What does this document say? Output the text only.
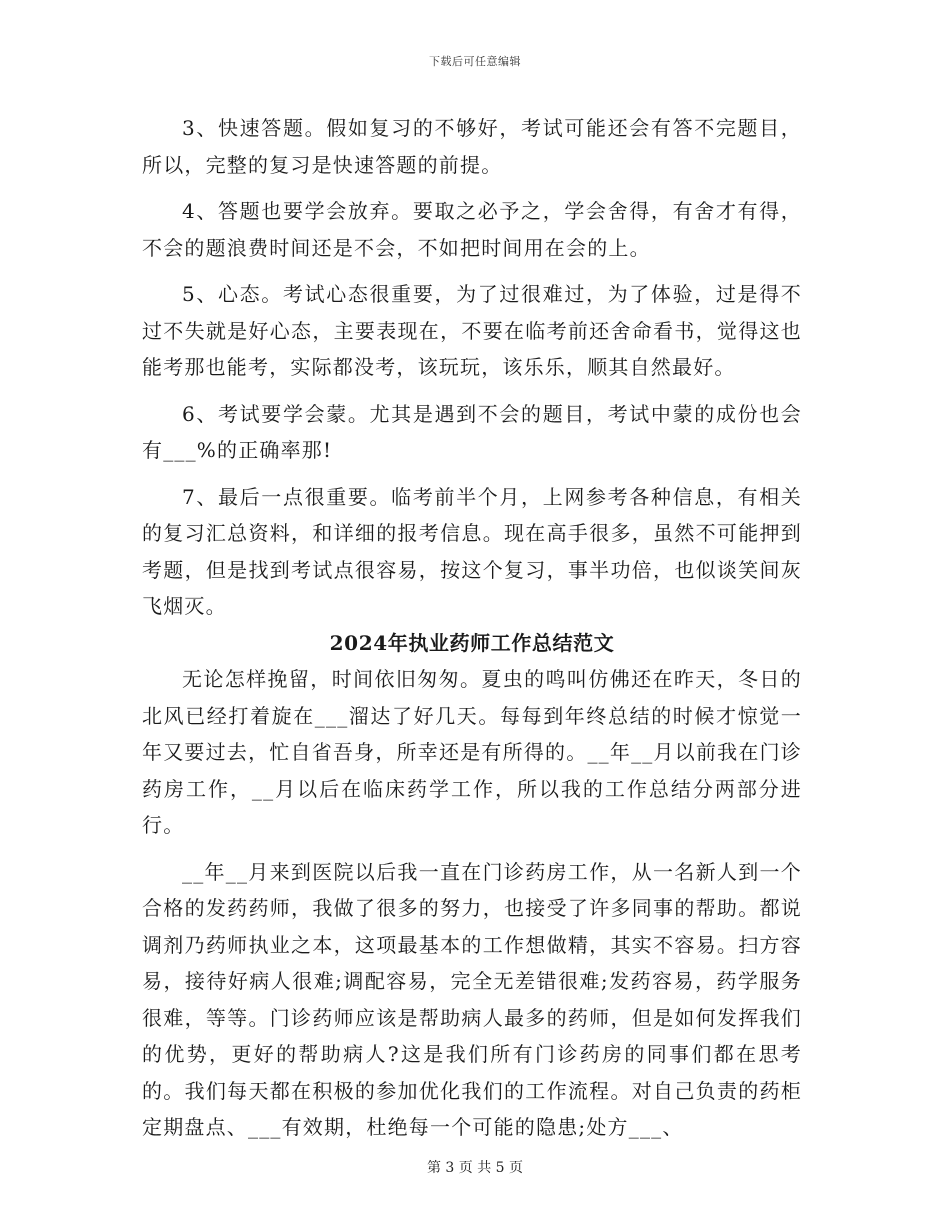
下载后可任意编辑

3、快速答题。假如复习的不够好，考试可能还会有答不完题目，所以，完整的复习是快速答题的前提。

4、答题也要学会放弃。要取之必予之，学会舍得，有舍才有得，不会的题浪费时间还是不会，不如把时间用在会的上。

5、心态。考试心态很重要，为了过很难过，为了体验，过是得不过不失就是好心态，主要表现在，不要在临考前还舍命看书，觉得这也能考那也能考，实际都没考，该玩玩，该乐乐，顺其自然最好。

6、考试要学会蒙。尤其是遇到不会的题目，考试中蒙的成份也会有___%的正确率那!

7、最后一点很重要。临考前半个月，上网参考各种信息，有相关的复习汇总资料，和详细的报考信息。现在高手很多，虽然不可能押到考题，但是找到考试点很容易，按这个复习，事半功倍，也似谈笑间灰飞烟灭。

2024年执业药师工作总结范文

无论怎样挽留，时间依旧匆匆。夏虫的鸣叫仿佛还在昨天，冬日的北风已经打着旋在___溜达了好几天。每每到年终总结的时候才惊觉一年又要过去，忙自省吾身，所幸还是有所得的。__年__月以前我在门诊药房工作，__月以后在临床药学工作，所以我的工作总结分两部分进行。

__年__月来到医院以后我一直在门诊药房工作，从一名新人到一个合格的发药药师，我做了很多的努力，也接受了许多同事的帮助。都说调剂乃药师执业之本，这项最基本的工作想做精，其实不容易。扫方容易，接待好病人很难;调配容易，完全无差错很难;发药容易，药学服务很难，等等。门诊药师应该是帮助病人最多的药师，但是如何发挥我们的优势，更好的帮助病人?这是我们所有门诊药房的同事们都在思考的。我们每天都在积极的参加优化我们的工作流程。对自己负责的药柜定期盘点、___有效期，杜绝每一个可能的隐患;处方___、

第 3 页 共 5 页
